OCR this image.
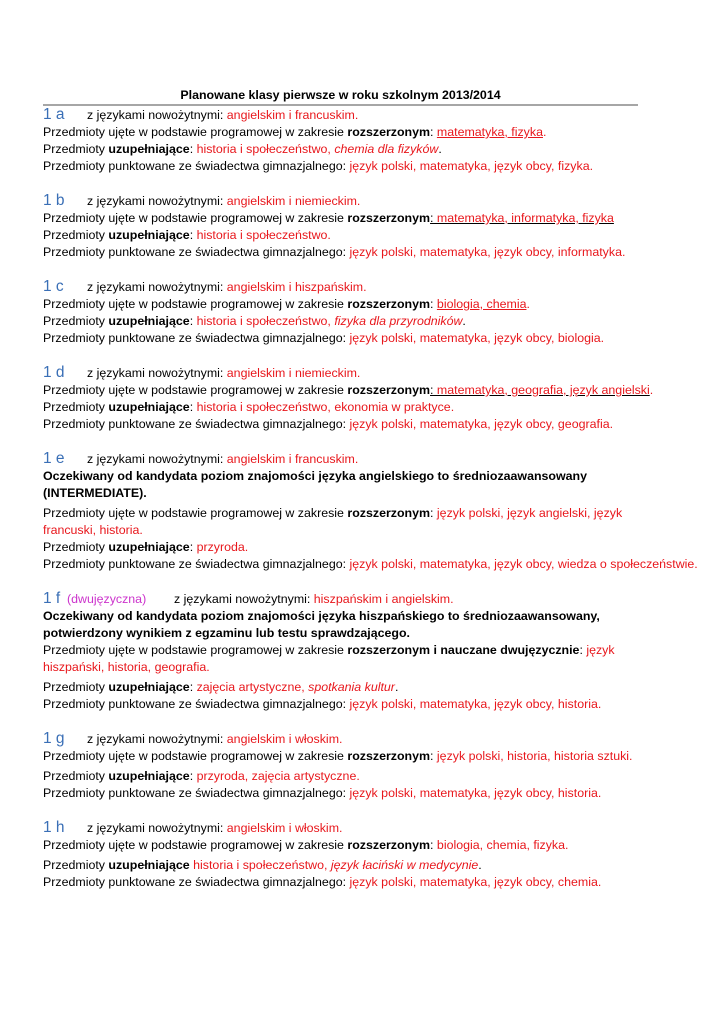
Planowane klasy pierwsze w roku szkolnym 2013/2014
1 a z językami nowożytnymi: angielskim i francuskim.
Przedmioty ujęte w podstawie programowej w zakresie rozszerzonym: matematyka, fizyka.
Przedmioty uzupełniające: historia i społeczeństwo, chemia dla fizyków.
Przedmioty punktowane ze świadectwa gimnazjalnego: język polski, matematyka, język obcy, fizyka.
1 b z językami nowożytnymi: angielskim i niemieckim.
Przedmioty ujęte w podstawie programowej w zakresie rozszerzonym: matematyka, informatyka, fizyka
Przedmioty uzupełniające: historia i społeczeństwo.
Przedmioty punktowane ze świadectwa gimnazjalnego: język polski, matematyka, język obcy, informatyka.
1 c z językami nowożytnymi: angielskim i hiszpańskim.
Przedmioty ujęte w podstawie programowej w zakresie rozszerzonym: biologia, chemia.
Przedmioty uzupełniające: historia i społeczeństwo, fizyka dla przyrodników.
Przedmioty punktowane ze świadectwa gimnazjalnego: język polski, matematyka, język obcy, biologia.
1 d z językami nowożytnymi: angielskim i niemieckim.
Przedmioty ujęte w podstawie programowej w zakresie rozszerzonym: matematyka, geografia, język angielski.
Przedmioty uzupełniające: historia i społeczeństwo, ekonomia w praktyce.
Przedmioty punktowane ze świadectwa gimnazjalnego: język polski, matematyka, język obcy, geografia.
1 e z językami nowożytnymi: angielskim i francuskim.
Oczekiwany od kandydata poziom znajomości języka angielskiego to średniozaawansowany (INTERMEDIATE).
Przedmioty ujęte w podstawie programowej w zakresie rozszerzonym: język polski, język angielski, język francuski, historia.
Przedmioty uzupełniające: przyroda.
Przedmioty punktowane ze świadectwa gimnazjalnego: język polski, matematyka, język obcy, wiedza o społeczeństwie.
1 f (dwujęzyczna) z językami nowożytnymi: hiszpańskim i angielskim.
Oczekiwany od kandydata poziom znajomości języka hiszpańskiego to średniozaawansowany, potwierdzony wynikiem z egzaminu lub testu sprawdzającego.
Przedmioty ujęte w podstawie programowej w zakresie rozszerzonym i nauczane dwujęzycznie: język hiszpański, historia, geografia.
Przedmioty uzupełniające: zajęcia artystyczne, spotkania kultur.
Przedmioty punktowane ze świadectwa gimnazjalnego: język polski, matematyka, język obcy, historia.
1 g z językami nowożytnymi: angielskim i włoskim.
Przedmioty ujęte w podstawie programowej w zakresie rozszerzonym: język polski, historia, historia sztuki.
Przedmioty uzupełniające: przyroda, zajęcia artystyczne.
Przedmioty punktowane ze świadectwa gimnazjalnego: język polski, matematyka, język obcy, historia.
1 h z językami nowożytnymi: angielskim i włoskim.
Przedmioty ujęte w podstawie programowej w zakresie rozszerzonym: biologia, chemia, fizyka.
Przedmioty uzupełniające historia i społeczeństwo, język łaciński w medycynie.
Przedmioty punktowane ze świadectwa gimnazjalnego: język polski, matematyka, język obcy, chemia.
